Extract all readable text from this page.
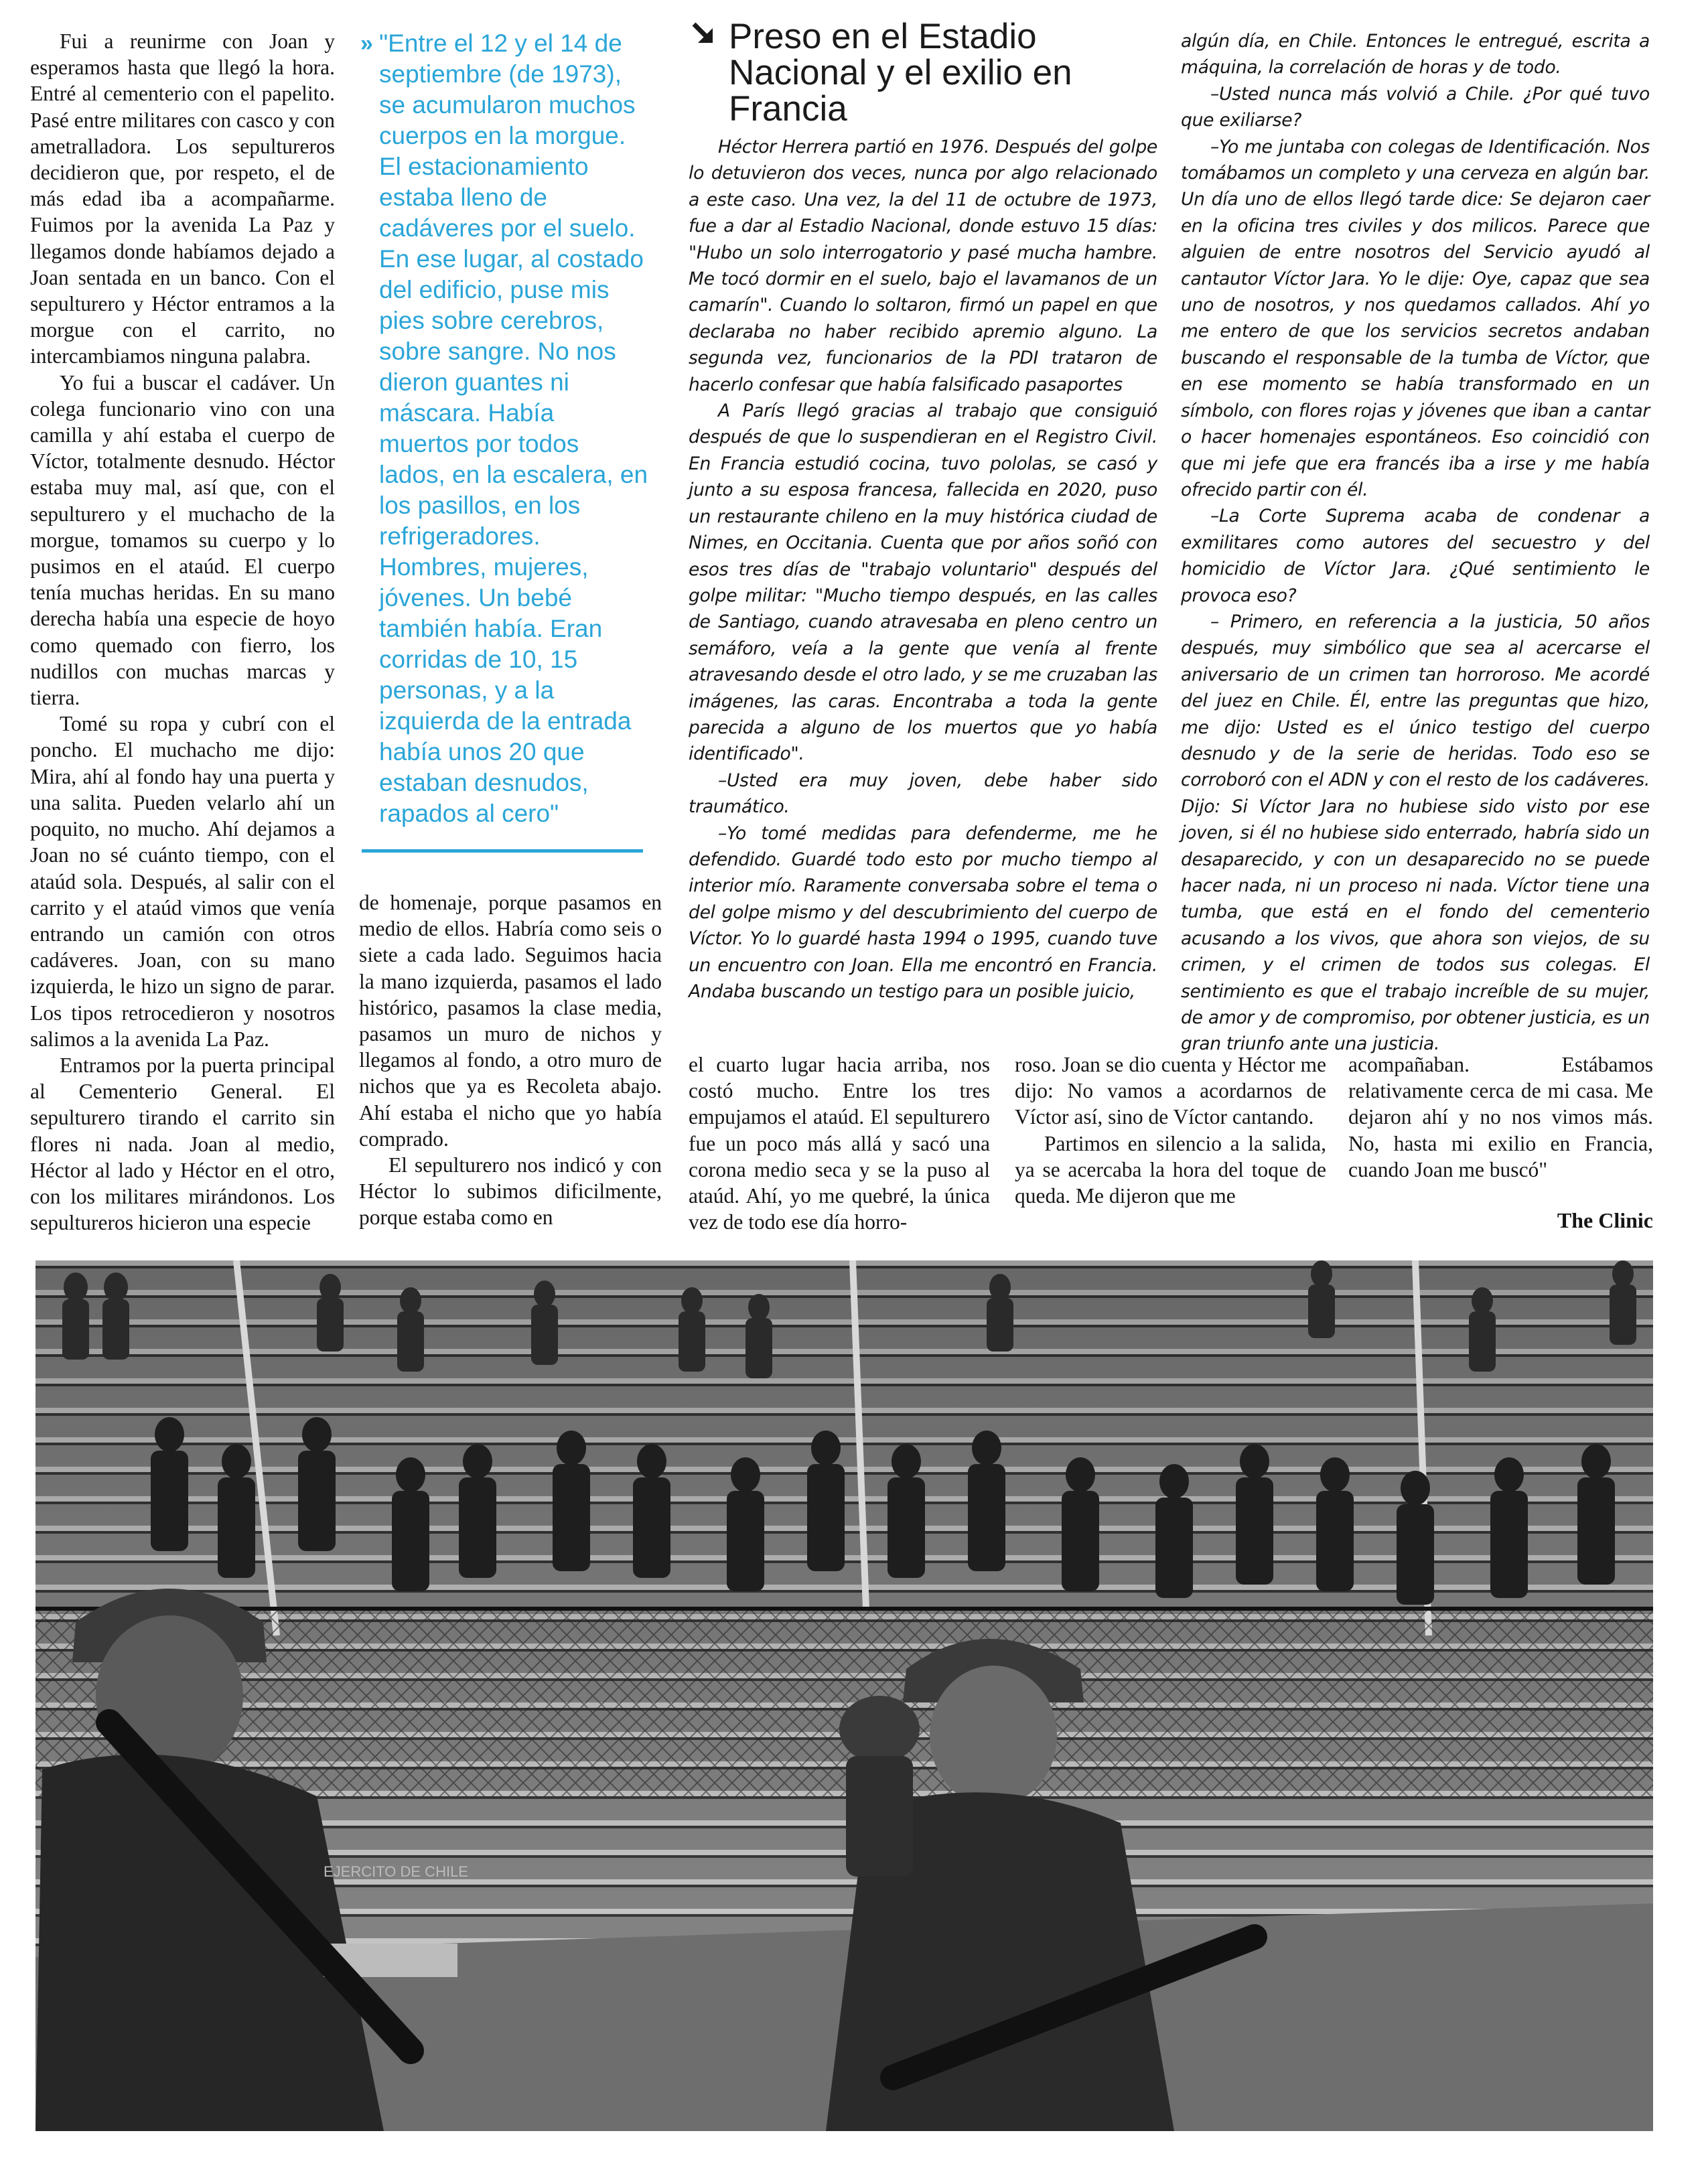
Fui a reunirme con Joan y esperamos hasta que llegó la hora. Entré al cementerio con el papelito. Pasé entre militares con casco y con ametralladora. Los sepultureros decidieron que, por respeto, el de más edad iba a acompañarme. Fuimos por la avenida La Paz y llegamos donde habíamos dejado a Joan sentada en un banco. Con el sepulturero y Héctor entramos a la morgue con el carrito, no intercambiamos ninguna palabra.

Yo fui a buscar el cadáver. Un colega funcionario vino con una camilla y ahí estaba el cuerpo de Víctor, totalmente desnudo. Héctor estaba muy mal, así que, con el sepulturero y el muchacho de la morgue, tomamos su cuerpo y lo pusimos en el ataúd. El cuerpo tenía muchas heridas. En su mano derecha había una especie de hoyo como quemado con fierro, los nudillos con muchas marcas y tierra.

Tomé su ropa y cubrí con el poncho. El muchacho me dijo: Mira, ahí al fondo hay una puerta y una salita. Pueden velarlo ahí un poquito, no mucho. Ahí dejamos a Joan no sé cuánto tiempo, con el ataúd sola. Después, al salir con el carrito y el ataúd vimos que venía entrando un camión con otros cadáveres. Joan, con su mano izquierda, le hizo un signo de parar. Los tipos retrocedieron y nosotros salimos a la avenida La Paz.

Entramos por la puerta principal al Cementerio General. El sepulturero tirando el carrito sin flores ni nada. Joan al medio, Héctor al lado y Héctor en el otro, con los militares mirándonos. Los sepultureros hicieron una especie

» "Entre el 12 y el 14 de septiembre (de 1973), se acumularon muchos cuerpos en la morgue. El estacionamiento estaba lleno de cadáveres por el suelo. En ese lugar, al costado del edificio, puse mis pies sobre cerebros, sobre sangre. No nos dieron guantes ni máscara. Había muertos por todos lados, en la escalera, en los pasillos, en los refrigeradores. Hombres, mujeres, jóvenes. Un bebé también había. Eran corridas de 10, 15 personas, y a la izquierda de la entrada había unos 20 que estaban desnudos, rapados al cero"

de homenaje, porque pasamos en medio de ellos. Habría como seis o siete a cada lado. Seguimos hacia la mano izquierda, pasamos el lado histórico, pasamos la clase media, pasamos un muro de nichos y llegamos al fondo, a otro muro de nichos que ya es Recoleta abajo. Ahí estaba el nicho que yo había comprado.

El sepulturero nos indicó y con Héctor lo subimos dificilmente, porque estaba como en

Preso en el Estadio Nacional y el exilio en Francia

Héctor Herrera partió en 1976. Después del golpe lo detuvieron dos veces, nunca por algo relacionado a este caso. Una vez, la del 11 de octubre de 1973, fue a dar al Estadio Nacional, donde estuvo 15 días: "Hubo un solo interrogatorio y pasé mucha hambre. Me tocó dormir en el suelo, bajo el lavamanos de un camarín". Cuando lo soltaron, firmó un papel en que declaraba no haber recibido apremio alguno. La segunda vez, funcionarios de la PDI trataron de hacerlo confesar que había falsificado pasaportes

A París llegó gracias al trabajo que consiguió después de que lo suspendieran en el Registro Civil. En Francia estudió cocina, tuvo pololas, se casó y junto a su esposa francesa, fallecida en 2020, puso un restaurante chileno en la muy histórica ciudad de Nimes, en Occitania. Cuenta que por años soñó con esos tres días de "trabajo voluntario" después del golpe militar: "Mucho tiempo después, en las calles de Santiago, cuando atravesaba en pleno centro un semáforo, veía a la gente que venía al frente atravesando desde el otro lado, y se me cruzaban las imágenes, las caras. Encontraba a toda la gente parecida a alguno de los muertos que yo había identificado".

–Usted era muy joven, debe haber sido traumático.

–Yo tomé medidas para defenderme, me he defendido. Guardé todo esto por mucho tiempo al interior mío. Raramente conversaba sobre el tema o del golpe mismo y del descubrimiento del cuerpo de Víctor. Yo lo guardé hasta 1994 o 1995, cuando tuve un encuentro con Joan. Ella me encontró en Francia. Andaba buscando un testigo para un posible juicio,

algún día, en Chile. Entonces le entregué, escrita a máquina, la correlación de horas y de todo.

–Usted nunca más volvió a Chile. ¿Por qué tuvo que exiliarse?

–Yo me juntaba con colegas de Identificación. Nos tomábamos un completo y una cerveza en algún bar. Un día uno de ellos llegó tarde dice: Se dejaron caer en la oficina tres civiles y dos milicos. Parece que alguien de entre nosotros del Servicio ayudó al cantautor Víctor Jara. Yo le dije: Oye, capaz que sea uno de nosotros, y nos quedamos callados. Ahí yo me entero de que los servicios secretos andaban buscando el responsable de la tumba de Víctor, que en ese momento se había transformado en un símbolo, con flores rojas y jóvenes que iban a cantar o hacer homenajes espontáneos. Eso coincidió con que mi jefe que era francés iba a irse y me había ofrecido partir con él.

–La Corte Suprema acaba de condenar a exmilitares como autores del secuestro y del homicidio de Víctor Jara. ¿Qué sentimiento le provoca eso?

– Primero, en referencia a la justicia, 50 años después, muy simbólico que sea al acercarse el aniversario de un crimen tan horroroso. Me acordé del juez en Chile. Él, entre las preguntas que hizo, me dijo: Usted es el único testigo del cuerpo desnudo y de la serie de heridas. Todo eso se corroboró con el ADN y con el resto de los cadáveres. Dijo: Si Víctor Jara no hubiese sido visto por ese joven, si él no hubiese sido enterrado, habría sido un desaparecido, y con un desaparecido no se puede hacer nada, ni un proceso ni nada. Víctor tiene una tumba, que está en el fondo del cementerio acusando a los vivos, que ahora son viejos, de su crimen, y el crimen de todos sus colegas. El sentimiento es que el trabajo increíble de su mujer, de amor y de compromiso, por obtener justicia, es un gran triunfo ante una justicia.

el cuarto lugar hacia arriba, nos costó mucho. Entre los tres empujamos el ataúd. El sepulturero fue un poco más allá y sacó una corona medio seca y se la puso al ataúd. Ahí, yo me quebré, la única vez de todo ese día horro-

roso. Joan se dio cuenta y Héctor me dijo: No vamos a acordarnos de Víctor así, sino de Víctor cantando.

Partimos en silencio a la salida, ya se acercaba la hora del toque de queda. Me dijeron que me

acompañaban. Estábamos relativamente cerca de mi casa. Me dejaron ahí y no nos vimos más. No, hasta mi exilio en Francia, cuando Joan me buscó"

The Clinic
EJERCITO DE CHILE
